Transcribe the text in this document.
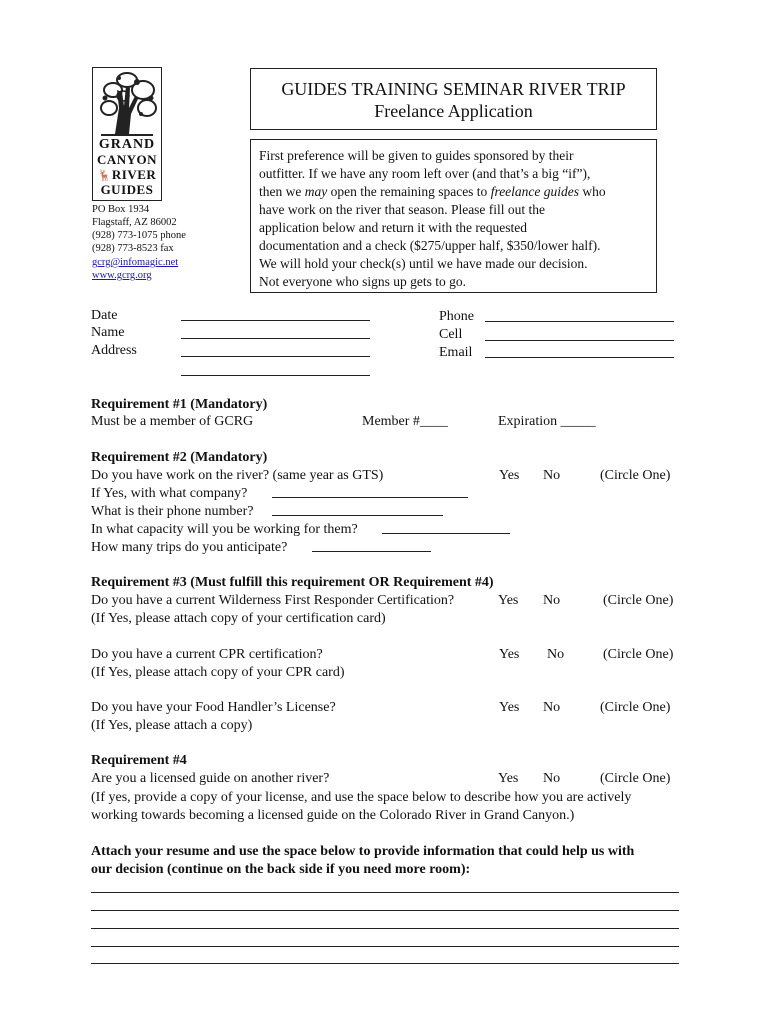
GRAND
CANYON
🦌RIVER
GUIDES
PO Box 1934
Flagstaff, AZ 86002
(928) 773-1075 phone
(928) 773-8523 fax
gcrg@infomagic.net
www.gcrg.org
GUIDES TRAINING SEMINAR RIVER TRIP
Freelance Application
First preference will be given to guides sponsored by their
outfitter. If we have any room left over (and that’s a big “if”),
then we may open the remaining spaces to freelance guides who
have work on the river that season. Please fill out the
application below and return it with the requested
documentation and a check ($275/upper half, $350/lower half).
We will hold your check(s) until we have made our decision.
Not everyone who signs up gets to go.
Date
Name
Address
Phone
Cell
Email
Requirement #1 (Mandatory)
Must be a member of GCRG	Member #____	Expiration _____
Requirement #2 (Mandatory)
Do you have work on the river? (same year as GTS)	Yes No	(Circle One)
If Yes, with what company?
What is their phone number?
In what capacity will you be working for them?
How many trips do you anticipate?
Requirement #3 (Must fulfill this requirement OR Requirement #4)
Do you have a current Wilderness First Responder Certification?	Yes No	(Circle One)
(If Yes, please attach copy of your certification card)
Do you have a current CPR certification?	Yes No	(Circle One)
(If Yes, please attach copy of your CPR card)
Do you have your Food Handler’s License?	Yes No	(Circle One)
(If Yes, please attach a copy)
Requirement #4
Are you a licensed guide on another river?	Yes No	(Circle One)
(If yes, provide a copy of your license, and use the space below to describe how you are actively
working towards becoming a licensed guide on the Colorado River in Grand Canyon.)
Attach your resume and use the space below to provide information that could help us with
our decision (continue on the back side if you need more room):
